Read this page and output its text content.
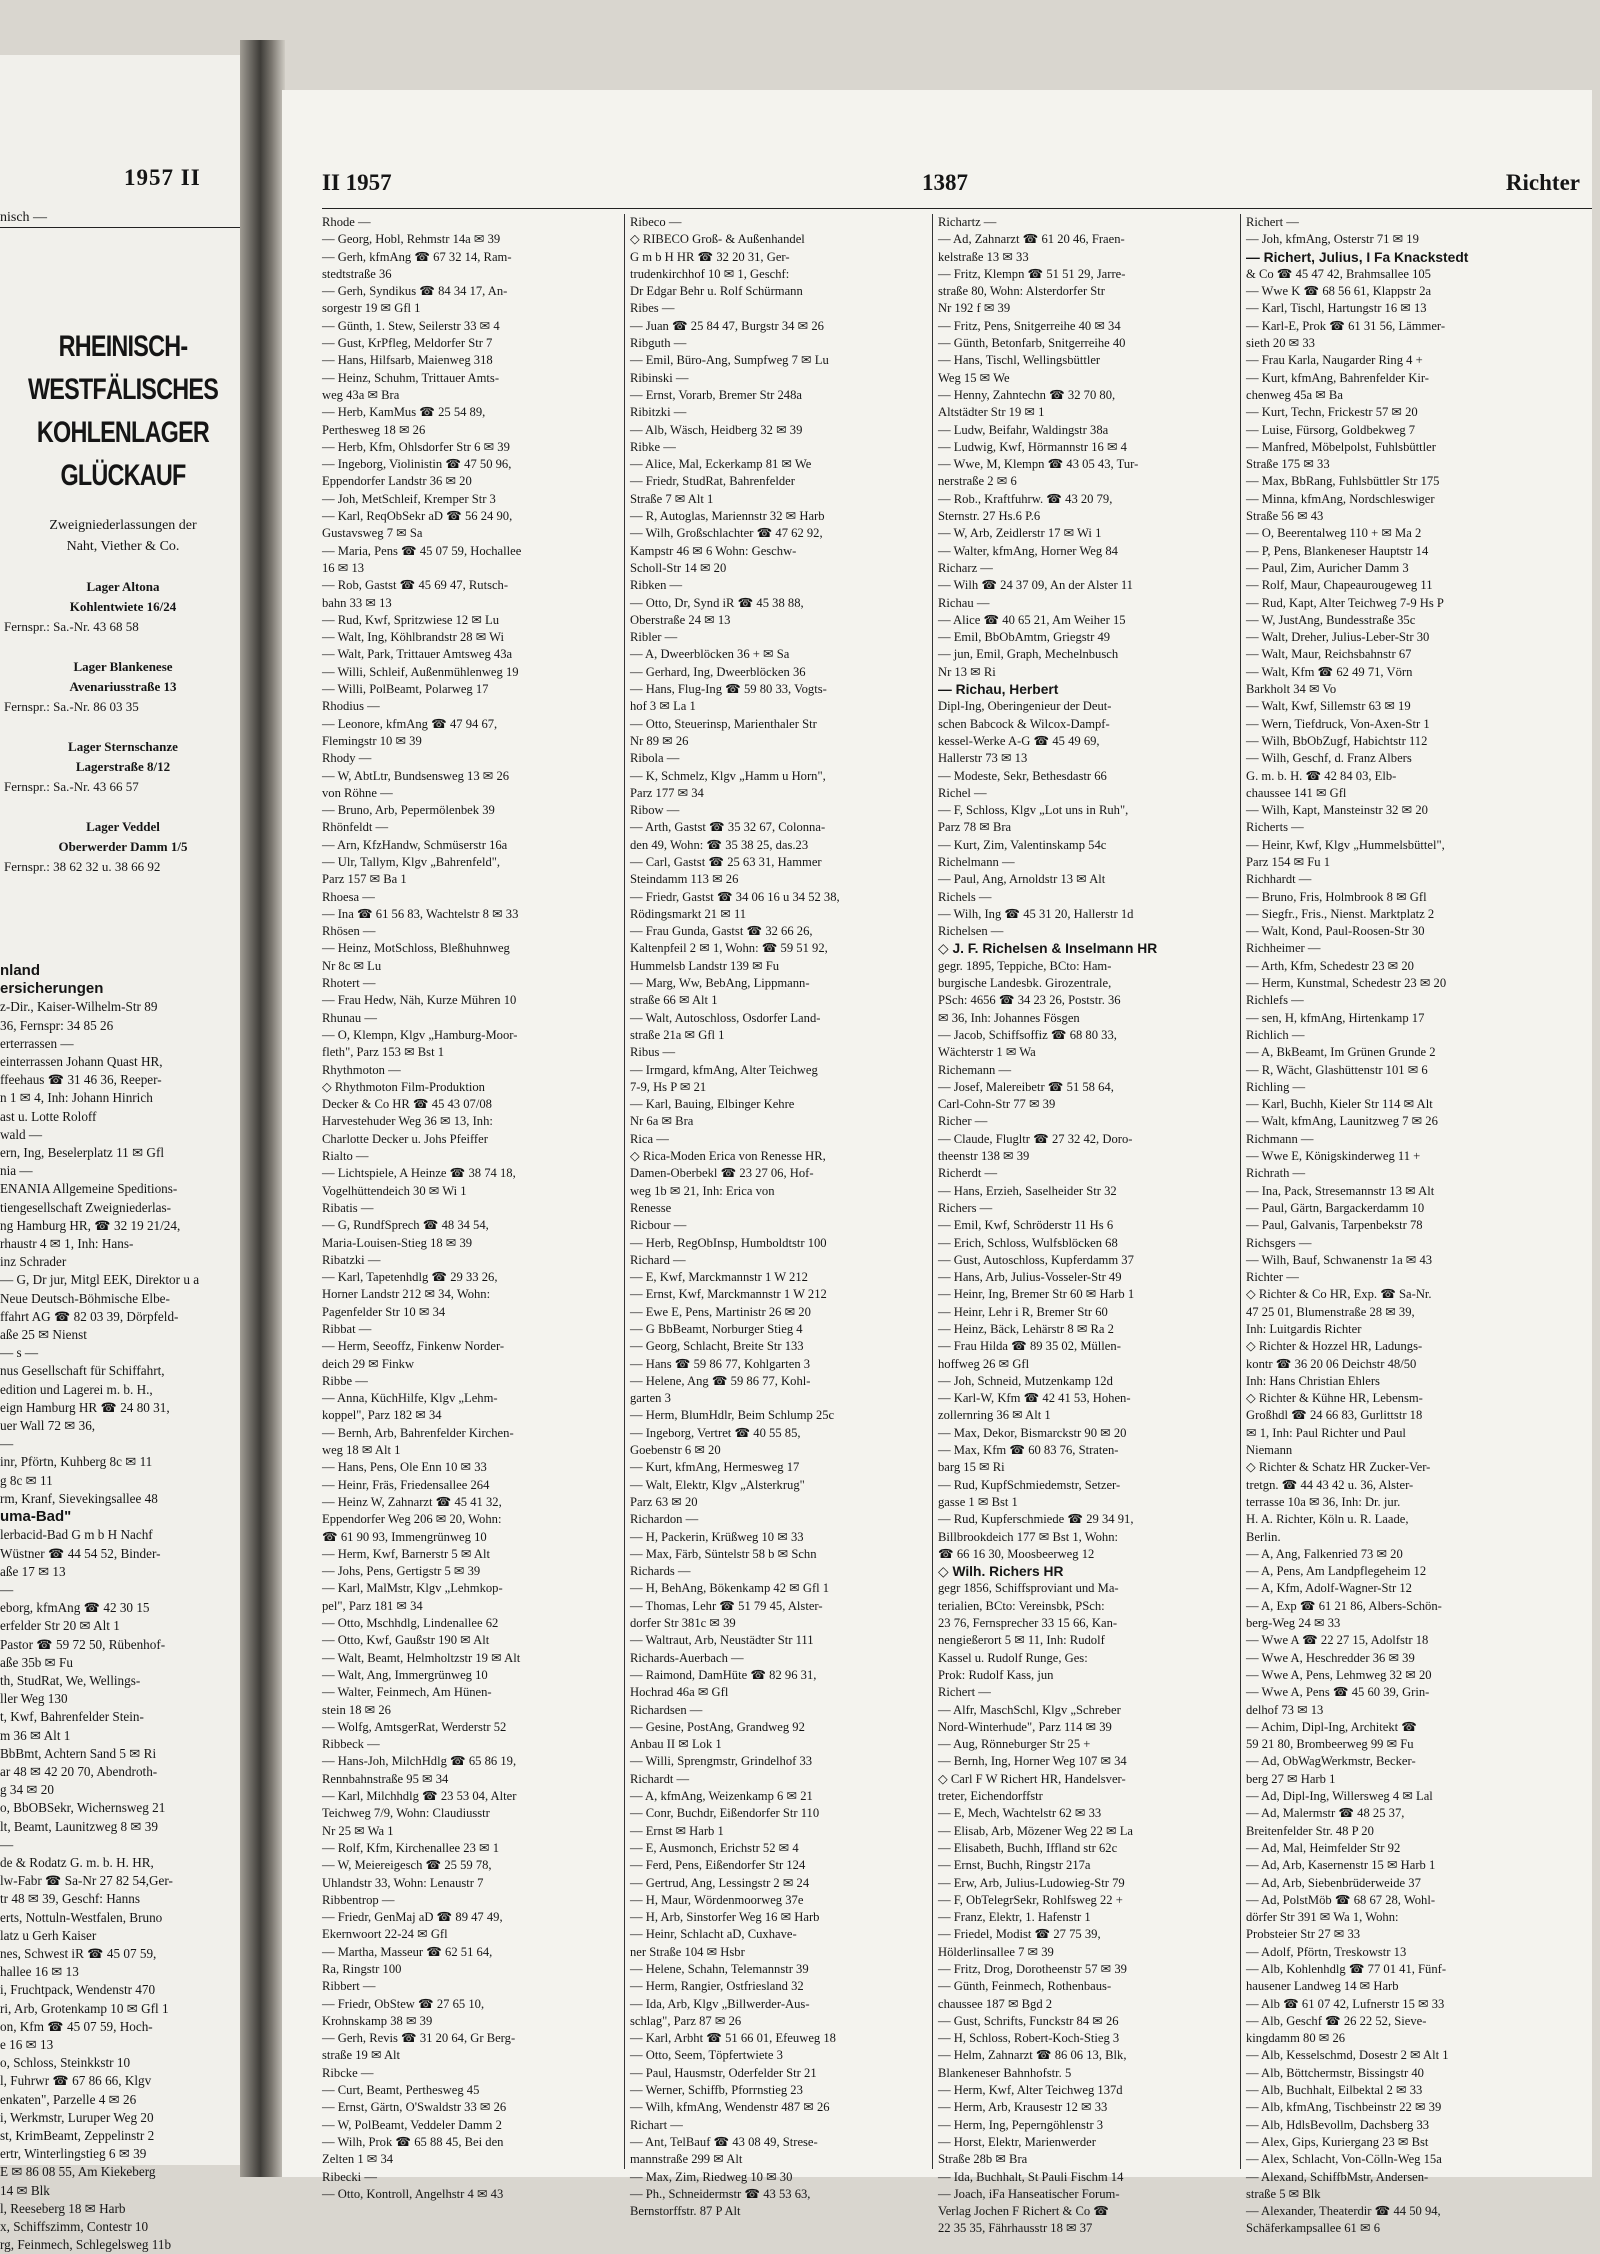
1957 II
nisch —
RHEINISCH-
WESTFÄLISCHES
KOHLENLAGER
GLÜCKAUF
Zweigniederlassungen der
Naht, Viether & Co.
Lager Altona
Kohlentwiete 16/24
Fernspr.: Sa.-Nr. 43 68 58
Lager Blankenese
Avenariusstraße 13
Fernspr.: Sa.-Nr. 86 03 35
Lager Sternschanze
Lagerstraße 8/12
Fernspr.: Sa.-Nr. 43 66 57
Lager Veddel
Oberwerder Damm 1/5
Fernspr.: 38 62 32 u. 38 66 92
nland
ersicherungen
z-Dir., Kaiser-Wilhelm-Str 89
36, Fernspr: 34 85 26
erterrassen —
einterrassen Johann Quast HR,
ffeehaus ☎ 31 46 36, Reeper-
n 1 ✉ 4, Inh: Johann Hinrich
ast u. Lotte Roloff
wald —
ern, Ing, Beselerplatz 11 ✉ Gfl
nia —
ENANIA Allgemeine Speditions-
tiengesellschaft Zweigniederlas-
ng Hamburg HR, ☎ 32 19 21/24,
rhaustr 4 ✉ 1, Inh: Hans-
inz Schrader
— G, Dr jur, Mitgl EEK, Direktor u a
Neue Deutsch-Böhmische Elbe-
ffahrt AG ☎ 82 03 39, Dörpfeld-
aße 25 ✉ Nienst
— s —
nus Gesellschaft für Schiffahrt,
edition und Lagerei m. b. H.,
eign Hamburg HR ☎ 24 80 31,
uer Wall 72 ✉ 36,
—
inr, Pförtn, Kuhberg 8c ✉ 11
g 8c ✉ 11
rm, Kranf, Sievekingsallee 48
uma-Bad"
lerbacid-Bad G m b H Nachf
Wüstner ☎ 44 54 52, Binder-
aße 17 ✉ 13
—
eborg, kfmAng ☎ 42 30 15
erfelder Str 20 ✉ Alt 1
Pastor ☎ 59 72 50, Rübenhof-
aße 35b ✉ Fu
th, StudRat, We, Wellings-
ller Weg 130
t, Kwf, Bahrenfelder Stein-
m 36 ✉ Alt 1
BbBmt, Achtern Sand 5 ✉ Ri
ar 48 ✉ 42 20 70, Abendroth-
g 34 ✉ 20
o, BbOBSekr, Wichernsweg 21
lt, Beamt, Launitzweg 8 ✉ 39
—
de & Rodatz G. m. b. H. HR,
lw-Fabr ☎ Sa-Nr 27 82 54,Ger-
tr 48 ✉ 39, Geschf: Hanns
erts, Nottuln-Westfalen, Bruno
latz u Gerh Kaiser
nes, Schwest iR ☎ 45 07 59,
hallee 16 ✉ 13
i, Fruchtpack, Wendenstr 470
ri, Arb, Grotenkamp 10 ✉ Gfl 1
on, Kfm ☎ 45 07 59, Hoch-
e 16 ✉ 13
o, Schloss, Steinkkstr 10
l, Fuhrwr ☎ 67 86 66, Klgv
enkaten", Parzelle 4 ✉ 26
i, Werkmstr, Luruper Weg 20
st, KrimBeamt, Zeppelinstr 2
ertr, Winterlingstieg 6 ✉ 39
E ✉ 86 08 55, Am Kiekeberg
14 ✉ Blk
l, Reeseberg 18 ✉ Harb
x, Schiffszimm, Contestr 10
rg, Feinmech, Schlegelsweg 11b
II 1957	1387	Richter
Rhode —
— Georg, Hobl, Rehmstr 14a ✉ 39
— Gerh, kfmAng ☎ 67 32 14, Ram-
stedtstraße 36
— Gerh, Syndikus ☎ 84 34 17, An-
sorgestr 19 ✉ Gfl 1
— Günth, 1. Stew, Seilerstr 33 ✉ 4
— Gust, KrPfleg, Meldorfer Str 7
— Hans, Hilfsarb, Maienweg 318
— Heinz, Schuhm, Trittauer Amts-
weg 43a ✉ Bra
— Herb, KamMus ☎ 25 54 89,
Perthesweg 18 ✉ 26
— Herb, Kfm, Ohlsdorfer Str 6 ✉ 39
— Ingeborg, Violinistin ☎ 47 50 96,
Eppendorfer Landstr 36 ✉ 20
— Joh, MetSchleif, Kremper Str 3
— Karl, ReqObSekr aD ☎ 56 24 90,
Gustavsweg 7 ✉ Sa
— Maria, Pens ☎ 45 07 59, Hochallee
16 ✉ 13
— Rob, Gastst ☎ 45 69 47, Rutsch-
bahn 33 ✉ 13
— Rud, Kwf, Spritzwiese 12 ✉ Lu
— Walt, Ing, Köhlbrandstr 28 ✉ Wi
— Walt, Park, Trittauer Amtsweg 43a
— Willi, Schleif, Außenmühlenweg 19
— Willi, PolBeamt, Polarweg 17
Rhodius —
— Leonore, kfmAng ☎ 47 94 67,
Flemingstr 10 ✉ 39
Rhody —
— W, AbtLtr, Bundsensweg 13 ✉ 26
von Röhne —
— Bruno, Arb, Pepermölenbek 39
Rhönfeldt —
— Arn, KfzHandw, Schmüserstr 16a
— Ulr, Tallym, Klgv „Bahrenfeld",
Parz 157 ✉ Ba 1
Rhoesa —
— Ina ☎ 61 56 83, Wachtelstr 8 ✉ 33
Rhösen —
— Heinz, MotSchloss, Bleßhuhnweg
Nr 8c ✉ Lu
Rhotert —
— Frau Hedw, Näh, Kurze Mühren 10
Rhunau —
— O, Klempn, Klgv „Hamburg-Moor-
fleth", Parz 153 ✉ Bst 1
Rhythmoton —
◇ Rhythmoton Film-Produktion
Decker & Co HR ☎ 45 43 07/08
Harvestehuder Weg 36 ✉ 13, Inh:
Charlotte Decker u. Johs Pfeiffer
Rialto —
— Lichtspiele, A Heinze ☎ 38 74 18,
Vogelhüttendeich 30 ✉ Wi 1
Ribatis —
— G, RundfSprech ☎ 48 34 54,
Maria-Louisen-Stieg 18 ✉ 39
Ribatzki —
— Karl, Tapetenhdlg ☎ 29 33 26,
Horner Landstr 212 ✉ 34, Wohn:
Pagenfelder Str 10 ✉ 34
Ribbat —
— Herm, Seeoffz, Finkenw Norder-
deich 29 ✉ Finkw
Ribbe —
— Anna, KüchHilfe, Klgv „Lehm-
koppel", Parz 182 ✉ 34
— Bernh, Arb, Bahrenfelder Kirchen-
weg 18 ✉ Alt 1
— Hans, Pens, Ole Enn 10 ✉ 33
— Heinr, Fräs, Friedensallee 264
— Heinz W, Zahnarzt ☎ 45 41 32,
Eppendorfer Weg 206 ✉ 20, Wohn:
☎ 61 90 93, Immengrünweg 10
— Herm, Kwf, Barnerstr 5 ✉ Alt
— Johs, Pens, Gertigstr 5 ✉ 39
— Karl, MalMstr, Klgv „Lehmkop-
pel", Parz 181 ✉ 34
— Otto, Mschhdlg, Lindenallee 62
— Otto, Kwf, Gaußstr 190 ✉ Alt
— Walt, Beamt, Helmholtzstr 19 ✉ Alt
— Walt, Ang, Immergrünweg 10
— Walter, Feinmech, Am Hünen-
stein 18 ✉ 26
— Wolfg, AmtsgerRat, Werderstr 52
Ribbeck —
— Hans-Joh, MilchHdlg ☎ 65 86 19,
Rennbahnstraße 95 ✉ 34
— Karl, Milchhdlg ☎ 23 53 04, Alter
Teichweg 7/9, Wohn: Claudiusstr
Nr 25 ✉ Wa 1
— Rolf, Kfm, Kirchenallee 23 ✉ 1
— W, Meiereigesch ☎ 25 59 78,
Uhlandstr 33, Wohn: Lenaustr 7
Ribbentrop —
— Friedr, GenMaj aD ☎ 89 47 49,
Ekernwoort 22-24 ✉ Gfl
— Martha, Masseur ☎ 62 51 64,
Ra, Ringstr 100
Ribbert —
— Friedr, ObStew ☎ 27 65 10,
Krohnskamp 38 ✉ 39
— Gerh, Revis ☎ 31 20 64, Gr Berg-
straße 19 ✉ Alt
Ribcke —
— Curt, Beamt, Perthesweg 45
— Ernst, Gärtn, O'Swaldstr 33 ✉ 26
— W, PolBeamt, Veddeler Damm 2
— Wilh, Prok ☎ 65 88 45, Bei den
Zelten 1 ✉ 34
Ribecki —
— Otto, Kontroll, Angelhstr 4 ✉ 43
Ribeco —
◇ RIBECO Groß- & Außenhandel
G m b H HR ☎ 32 20 31, Ger-
trudenkirchhof 10 ✉ 1, Geschf:
Dr Edgar Behr u. Rolf Schürmann
Ribes —
— Juan ☎ 25 84 47, Burgstr 34 ✉ 26
Ribguth —
— Emil, Büro-Ang, Sumpfweg 7 ✉ Lu
Ribinski —
— Ernst, Vorarb, Bremer Str 248a
Ribitzki —
— Alb, Wäsch, Heidberg 32 ✉ 39
Ribke —
— Alice, Mal, Eckerkamp 81 ✉ We
— Friedr, StudRat, Bahrenfelder
Straße 7 ✉ Alt 1
— R, Autoglas, Mariennstr 32 ✉ Harb
— Wilh, Großschlachter ☎ 47 62 92,
Kampstr 46 ✉ 6 Wohn: Geschw-
Scholl-Str 14 ✉ 20
Ribken —
— Otto, Dr, Synd iR ☎ 45 38 88,
Oberstraße 24 ✉ 13
Ribler —
— A, Dweerblöcken 36 + ✉ Sa
— Gerhard, Ing, Dweerblöcken 36
— Hans, Flug-Ing ☎ 59 80 33, Vogts-
hof 3 ✉ La 1
— Otto, Steuerinsp, Marienthaler Str
Nr 89 ✉ 26
Ribola —
— K, Schmelz, Klgv „Hamm u Horn",
Parz 177 ✉ 34
Ribow —
— Arth, Gastst ☎ 35 32 67, Colonna-
den 49, Wohn: ☎ 35 38 25, das.23
— Carl, Gastst ☎ 25 63 31, Hammer
Steindamm 113 ✉ 26
— Friedr, Gastst ☎ 34 06 16 u 34 52 38,
Rödingsmarkt 21 ✉ 11
— Frau Gunda, Gastst ☎ 32 66 26,
Kaltenpfeil 2 ✉ 1, Wohn: ☎ 59 51 92,
Hummelsb Landstr 139 ✉ Fu
— Marg, Ww, BebAng, Lippmann-
straße 66 ✉ Alt 1
— Walt, Autoschloss, Osdorfer Land-
straße 21a ✉ Gfl 1
Ribus —
— Irmgard, kfmAng, Alter Teichweg
7-9, Hs P ✉ 21
— Karl, Bauing, Elbinger Kehre
Nr 6a ✉ Bra
Rica —
◇ Rica-Moden Erica von Renesse HR,
Damen-Oberbekl ☎ 23 27 06, Hof-
weg 1b ✉ 21, Inh: Erica von
Renesse
Ricbour —
— Herb, RegObInsp, Humboldtstr 100
Richard —
— E, Kwf, Marckmannstr 1 W 212
— Ernst, Kwf, Marckmannstr 1 W 212
— Ewe E, Pens, Martinistr 26 ✉ 20
— G BbBeamt, Norburger Stieg 4
— Georg, Schlacht, Breite Str 133
— Hans ☎ 59 86 77, Kohlgarten 3
— Helene, Ang ☎ 59 86 77, Kohl-
garten 3
— Herm, BlumHdlr, Beim Schlump 25c
— Ingeborg, Vertret ☎ 40 55 85,
Goebenstr 6 ✉ 20
— Kurt, kfmAng, Hermesweg 17
— Walt, Elektr, Klgv „Alsterkrug"
Parz 63 ✉ 20
Richardon —
— H, Packerin, Krüßweg 10 ✉ 33
— Max, Färb, Süntelstr 58 b ✉ Schn
Richards —
— H, BehAng, Bökenkamp 42 ✉ Gfl 1
— Thomas, Lehr ☎ 51 79 45, Alster-
dorfer Str 381c ✉ 39
— Waltraut, Arb, Neustädter Str 111
Richards-Auerbach —
— Raimond, DamHüte ☎ 82 96 31,
Hochrad 46a ✉ Gfl
Richardsen —
— Gesine, PostAng, Grandweg 92
Anbau II ✉ Lok 1
— Willi, Sprengmstr, Grindelhof 33
Richardt —
— A, kfmAng, Weizenkamp 6 ✉ 21
— Conr, Buchdr, Eißendorfer Str 110
— Ernst ✉ Harb 1
— E, Ausmonch, Erichstr 52 ✉ 4
— Ferd, Pens, Eißendorfer Str 124
— Gertrud, Ang, Lessingstr 2 ✉ 24
— H, Maur, Wördenmoorweg 37e
— H, Arb, Sinstorfer Weg 16 ✉ Harb
— Heinr, Schlacht aD, Cuxhave-
ner Straße 104 ✉ Hsbr
— Helene, Schahn, Telemannstr 39
— Herm, Rangier, Ostfriesland 32
— Ida, Arb, Klgv „Billwerder-Aus-
schlag", Parz 87 ✉ 26
— Karl, Arbht ☎ 51 66 01, Efeuweg 18
— Otto, Seem, Töpfertwiete 3
— Paul, Hausmstr, Oderfelder Str 21
— Werner, Schiffb, Pforrnstieg 23
— Wilh, kfmAng, Wendenstr 487 ✉ 26
Richart —
— Ant, TelBauf ☎ 43 08 49, Strese-
mannstraße 299 ✉ Alt
— Max, Zim, Riedweg 10 ✉ 30
— Ph., Schneidermstr ☎ 43 53 63,
Bernstorffstr. 87 P Alt
Richartz —
— Ad, Zahnarzt ☎ 61 20 46, Fraen-
kelstraße 13 ✉ 33
— Fritz, Klempn ☎ 51 51 29, Jarre-
straße 80, Wohn: Alsterdorfer Str
Nr 192 f ✉ 39
— Fritz, Pens, Snitgerreihe 40 ✉ 34
— Günth, Betonfarb, Snitgerreihe 40
— Hans, Tischl, Wellingsbüttler
Weg 15 ✉ We
— Henny, Zahntechn ☎ 32 70 80,
Altstädter Str 19 ✉ 1
— Ludw, Beifahr, Waldingstr 38a
— Ludwig, Kwf, Hörmannstr 16 ✉ 4
— Wwe, M, Klempn ☎ 43 05 43, Tur-
nerstraße 2 ✉ 6
— Rob., Kraftfuhrw. ☎ 43 20 79,
Sternstr. 27 Hs.6 P.6
— W, Arb, Zeidlerstr 17 ✉ Wi 1
— Walter, kfmAng, Horner Weg 84
Richarz —
— Wilh ☎ 24 37 09, An der Alster 11
Richau —
— Alice ☎ 40 65 21, Am Weiher 15
— Emil, BbObAmtm, Griegstr 49
— jun, Emil, Graph, Mechelnbusch
Nr 13 ✉ Ri
— Richau, Herbert
Dipl-Ing, Oberingenieur der Deut-
schen Babcock & Wilcox-Dampf-
kessel-Werke A-G ☎ 45 49 69,
Hallerstr 73 ✉ 13
— Modeste, Sekr, Bethesdastr 66
Richel —
— F, Schloss, Klgv „Lot uns in Ruh",
Parz 78 ✉ Bra
— Kurt, Zim, Valentinskamp 54c
Richelmann —
— Paul, Ang, Arnoldstr 13 ✉ Alt
Richels —
— Wilh, Ing ☎ 45 31 20, Hallerstr 1d
Richelsen —
◇ J. F. Richelsen & Inselmann HR
gegr. 1895, Teppiche, BCto: Ham-
burgische Landesbk. Girozentrale,
PSch: 4656 ☎ 34 23 26, Poststr. 36
✉ 36, Inh: Johannes Fösgen
— Jacob, Schiffsoffiz ☎ 68 80 33,
Wächterstr 1 ✉ Wa
Richemann —
— Josef, Malereibetr ☎ 51 58 64,
Carl-Cohn-Str 77 ✉ 39
Richer —
— Claude, Flugltr ☎ 27 32 42, Doro-
theenstr 138 ✉ 39
Richerdt —
— Hans, Erzieh, Saselheider Str 32
Richers —
— Emil, Kwf, Schröderstr 11 Hs 6
— Erich, Schloss, Wulfsblöcken 68
— Gust, Autoschloss, Kupferdamm 37
— Hans, Arb, Julius-Vosseler-Str 49
— Heinr, Ing, Bremer Str 60 ✉ Harb 1
— Heinr, Lehr i R, Bremer Str 60
— Heinz, Bäck, Lehärstr 8 ✉ Ra 2
— Frau Hilda ☎ 89 35 02, Müllen-
hoffweg 26 ✉ Gfl
— Joh, Schneid, Mutzenkamp 12d
— Karl-W, Kfm ☎ 42 41 53, Hohen-
zollernring 36 ✉ Alt 1
— Max, Dekor, Bismarckstr 90 ✉ 20
— Max, Kfm ☎ 60 83 76, Straten-
barg 15 ✉ Ri
— Rud, KupfSchmiedemstr, Setzer-
gasse 1 ✉ Bst 1
— Rud, Kupferschmiede ☎ 29 34 91,
Billbrookdeich 177 ✉ Bst 1, Wohn:
☎ 66 16 30, Moosbeerweg 12
◇ Wilh. Richers HR
gegr 1856, Schiffsproviant und Ma-
terialien, BCto: Vereinsbk, PSch:
23 76, Fernsprecher 33 15 66, Kan-
nengießerort 5 ✉ 11, Inh: Rudolf
Kassel u. Rudolf Runge, Ges:
Prok: Rudolf Kass, jun
Richert —
— Alfr, MaschSchl, Klgv „Schreber
Nord-Winterhude", Parz 114 ✉ 39
— Aug, Rönneburger Str 25 +
— Bernh, Ing, Horner Weg 107 ✉ 34
◇ Carl F W Richert HR, Handelsver-
treter, Eichendorffstr
— E, Mech, Wachtelstr 62 ✉ 33
— Elisab, Arb, Mözener Weg 22 ✉ La
— Elisabeth, Buchh, Iffland str 62c
— Ernst, Buchh, Ringstr 217a
— Erw, Arb, Julius-Ludowieg-Str 79
— F, ObTelegrSekr, Rohlfsweg 22 +
— Franz, Elektr, 1. Hafenstr 1
— Friedel, Modist ☎ 27 75 39,
Hölderlinsallee 7 ✉ 39
— Fritz, Drog, Dorotheenstr 57 ✉ 39
— Günth, Feinmech, Rothenbaus-
chaussee 187 ✉ Bgd 2
— Gust, Schrifts, Funckstr 84 ✉ 26
— H, Schloss, Robert-Koch-Stieg 3
— Helm, Zahnarzt ☎ 86 06 13, Blk,
Blankeneser Bahnhofstr. 5
— Herm, Kwf, Alter Teichweg 137d
— Herm, Arb, Krausestr 12 ✉ 33
— Herm, Ing, Peperngöhlenstr 3
— Horst, Elektr, Marienwerder
Straße 28b ✉ Bra
— Ida, Buchhalt, St Pauli Fischm 14
— Joach, iFa Hanseatischer Forum-
Verlag Jochen F Richert & Co ☎
22 35 35, Fährhausstr 18 ✉ 37
Richert —
— Joh, kfmAng, Osterstr 71 ✉ 19
— Richert, Julius, I Fa Knackstedt
& Co ☎ 45 47 42, Brahmsallee 105
— Wwe K ☎ 68 56 61, Klappstr 2a
— Karl, Tischl, Hartungstr 16 ✉ 13
— Karl-E, Prok ☎ 61 31 56, Lämmer-
sieth 20 ✉ 33
— Frau Karla, Naugarder Ring 4 +
— Kurt, kfmAng, Bahrenfelder Kir-
chenweg 45a ✉ Ba
— Kurt, Techn, Frickestr 57 ✉ 20
— Luise, Fürsorg, Goldbekweg 7
— Manfred, Möbelpolst, Fuhlsbüttler
Straße 175 ✉ 33
— Max, BbRang, Fuhlsbüttler Str 175
— Minna, kfmAng, Nordschleswiger
Straße 56 ✉ 43
— O, Beerentalweg 110 + ✉ Ma 2
— P, Pens, Blankeneser Hauptstr 14
— Paul, Zim, Auricher Damm 3
— Rolf, Maur, Chapeaurougeweg 11
— Rud, Kapt, Alter Teichweg 7-9 Hs P
— W, JustAng, Bundesstraße 35c
— Walt, Dreher, Julius-Leber-Str 30
— Walt, Maur, Reichsbahnstr 67
— Walt, Kfm ☎ 62 49 71, Vörn
Barkholt 34 ✉ Vo
— Walt, Kwf, Sillemstr 63 ✉ 19
— Wern, Tiefdruck, Von-Axen-Str 1
— Wilh, BbObZugf, Habichtstr 112
— Wilh, Geschf, d. Franz Albers
G. m. b. H. ☎ 42 84 03, Elb-
chaussee 141 ✉ Gfl
— Wilh, Kapt, Mansteinstr 32 ✉ 20
Richerts —
— Heinr, Kwf, Klgv „Hummelsbüttel",
Parz 154 ✉ Fu 1
Richhardt —
— Bruno, Fris, Holmbrook 8 ✉ Gfl
— Siegfr., Fris., Nienst. Marktplatz 2
— Walt, Kond, Paul-Roosen-Str 30
Richheimer —
— Arth, Kfm, Schedestr 23 ✉ 20
— Herm, Kunstmal, Schedestr 23 ✉ 20
Richlefs —
— sen, H, kfmAng, Hirtenkamp 17
Richlich —
— A, BkBeamt, Im Grünen Grunde 2
— R, Wächt, Glashüttenstr 101 ✉ 6
Richling —
— Karl, Buchh, Kieler Str 114 ✉ Alt
— Walt, kfmAng, Launitzweg 7 ✉ 26
Richmann —
— Wwe E, Königskinderweg 11 +
Richrath —
— Ina, Pack, Stresemannstr 13 ✉ Alt
— Paul, Gärtn, Bargackerdamm 10
— Paul, Galvanis, Tarpenbekstr 78
Richsgers —
— Wilh, Bauf, Schwanenstr 1a ✉ 43
Richter —
◇ Richter & Co HR, Exp. ☎ Sa-Nr.
47 25 01, Blumenstraße 28 ✉ 39,
Inh: Luitgardis Richter
◇ Richter & Hozzel HR, Ladungs-
kontr ☎ 36 20 06 Deichstr 48/50
Inh: Hans Christian Ehlers
◇ Richter & Kühne HR, Lebensm-
Großhdl ☎ 24 66 83, Gurlittstr 18
✉ 1, Inh: Paul Richter und Paul
Niemann
◇ Richter & Schatz HR Zucker-Ver-
tretgn. ☎ 44 43 42 u. 36, Alster-
terrasse 10a ✉ 36, Inh: Dr. jur.
H. A. Richter, Köln u. R. Laade,
Berlin.
— A, Ang, Falkenried 73 ✉ 20
— A, Pens, Am Landpflegeheim 12
— A, Kfm, Adolf-Wagner-Str 12
— A, Exp ☎ 61 21 86, Albers-Schön-
berg-Weg 24 ✉ 33
— Wwe A ☎ 22 27 15, Adolfstr 18
— Wwe A, Heschredder 36 ✉ 39
— Wwe A, Pens, Lehmweg 32 ✉ 20
— Wwe A, Pens ☎ 45 60 39, Grin-
delhof 73 ✉ 13
— Achim, Dipl-Ing, Architekt ☎
59 21 80, Brombeerweg 99 ✉ Fu
— Ad, ObWagWerkmstr, Becker-
berg 27 ✉ Harb 1
— Ad, Dipl-Ing, Willersweg 4 ✉ Lal
— Ad, Malermstr ☎ 48 25 37,
Breitenfelder Str. 48 P 20
— Ad, Mal, Heimfelder Str 92
— Ad, Arb, Kasernenstr 15 ✉ Harb 1
— Ad, Arb, Siebenbrüderweide 37
— Ad, PolstMöb ☎ 68 67 28, Wohl-
dörfer Str 391 ✉ Wa 1, Wohn:
Probsteier Str 27 ✉ 33
— Adolf, Pförtn, Treskowstr 13
— Alb, Kohlenhdlg ☎ 77 01 41, Fünf-
hausener Landweg 14 ✉ Harb
— Alb ☎ 61 07 42, Lufnerstr 15 ✉ 33
— Alb, Geschf ☎ 26 22 52, Sieve-
kingdamm 80 ✉ 26
— Alb, Kesselschmd, Dosestr 2 ✉ Alt 1
— Alb, Böttchermstr, Bissingstr 40
— Alb, Buchhalt, Eilbektal 2 ✉ 33
— Alb, kfmAng, Tischbeinstr 22 ✉ 39
— Alb, HdlsBevollm, Dachsberg 33
— Alex, Gips, Kuriergang 23 ✉ Bst
— Alex, Schlacht, Von-Cölln-Weg 15a
— Alexand, SchiffbMstr, Andersen-
straße 5 ✉ Blk
— Alexander, Theaterdir ☎ 44 50 94,
Schäferkampsallee 61 ✉ 6
